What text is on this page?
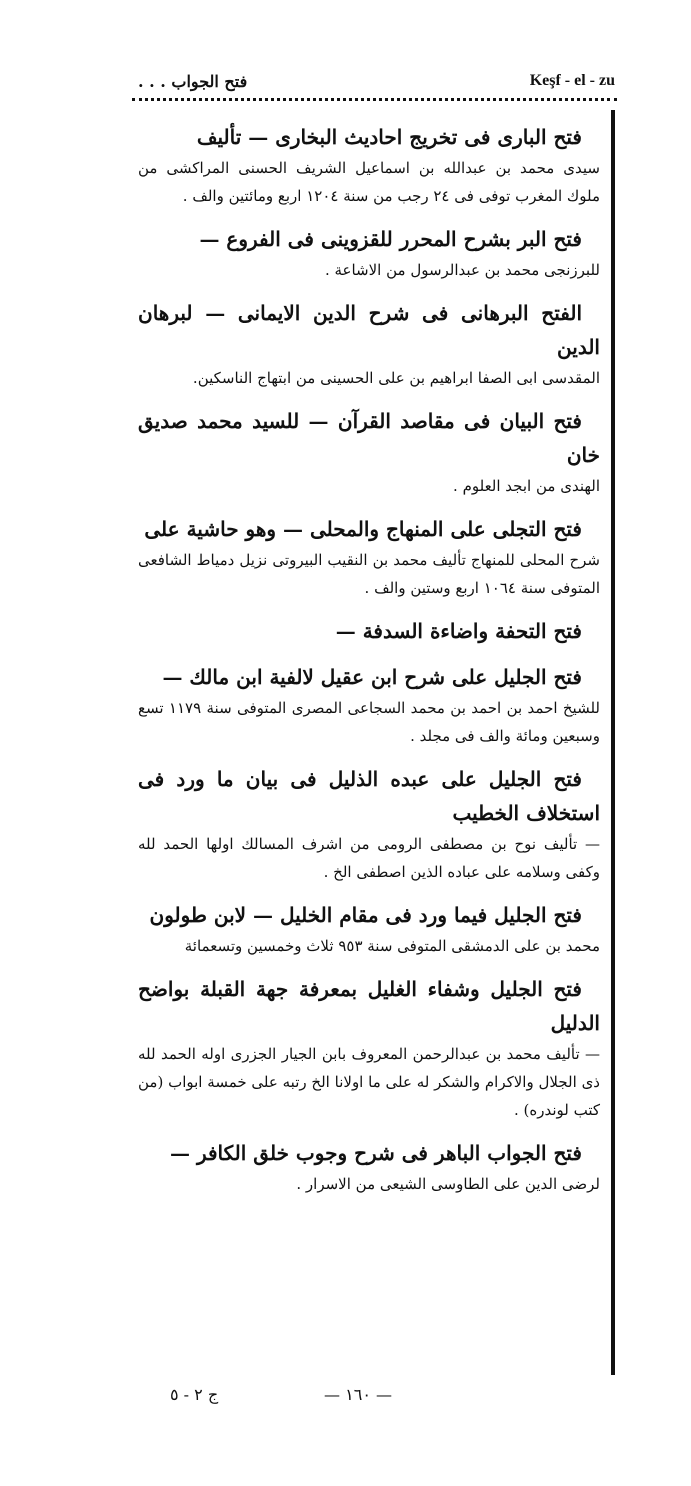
فتح الجواب . . .	Keşf - el - zu
فتح البارى فى تخريج احاديث البخارى — تأليف
سيدى محمد بن عبدالله بن اسماعيل الشريف الحسنى المراكشى من ملوك المغرب توفى فى ٢٤ رجب من سنة ١٢٠٤ اربع ومائتين والف .
فتح البر بشرح المحرر للقزوينى فى الفروع —
للبرزنجى محمد بن عبدالرسول من الاشاعة .
الفتح البرهانى فى شرح الدين الايمانى — لبرهان الدين
المقدسى ابى الصفا ابراهيم بن على الحسينى من ابتهاج الناسكين.
فتح البيان فى مقاصد القرآن — للسيد محمد صديق خان
الهندى من ابجد العلوم .
فتح التجلى على المنهاج والمحلى — وهو حاشية على
شرح المحلى للمنهاج تأليف محمد بن النقيب البيروتى نزيل دمياط الشافعى المتوفى سنة ١٠٦٤ اربع وستين والف .
فتح التحفة واضاءة السدفة —
فتح الجليل على شرح ابن عقيل لالفية ابن مالك —
للشيخ احمد بن احمد بن محمد السجاعى المصرى المتوفى سنة ١١٧٩ تسع وسبعين ومائة والف فى مجلد .
فتح الجليل على عبده الذليل فى بيان ما ورد فى استخلاف الخطيب
— تأليف نوح بن مصطفى الرومى من اشرف المسالك اولها الحمد لله وكفى وسلامه على عباده الذين اصطفى الخ .
فتح الجليل فيما ورد فى مقام الخليل — لابن طولون
محمد بن على الدمشقى المتوفى سنة ٩٥٣ ثلاث وخمسين وتسعمائة
فتح الجليل وشفاء الغليل بمعرفة جهة القبلة بواضح الدليل
— تأليف محمد بن عبدالرحمن المعروف بابن الجيار الجزرى اوله الحمد لله ذى الجلال والاكرام والشكر له على ما اولانا الخ رتبه على خمسة ابواب (من كتب لوندره) .
فتح الجواب الباهر فى شرح وجوب خلق الكافر —
لرضى الدين على الطاوسى الشيعى من الاسرار .
— ١٦٠ —
ج ٢ - ٥
